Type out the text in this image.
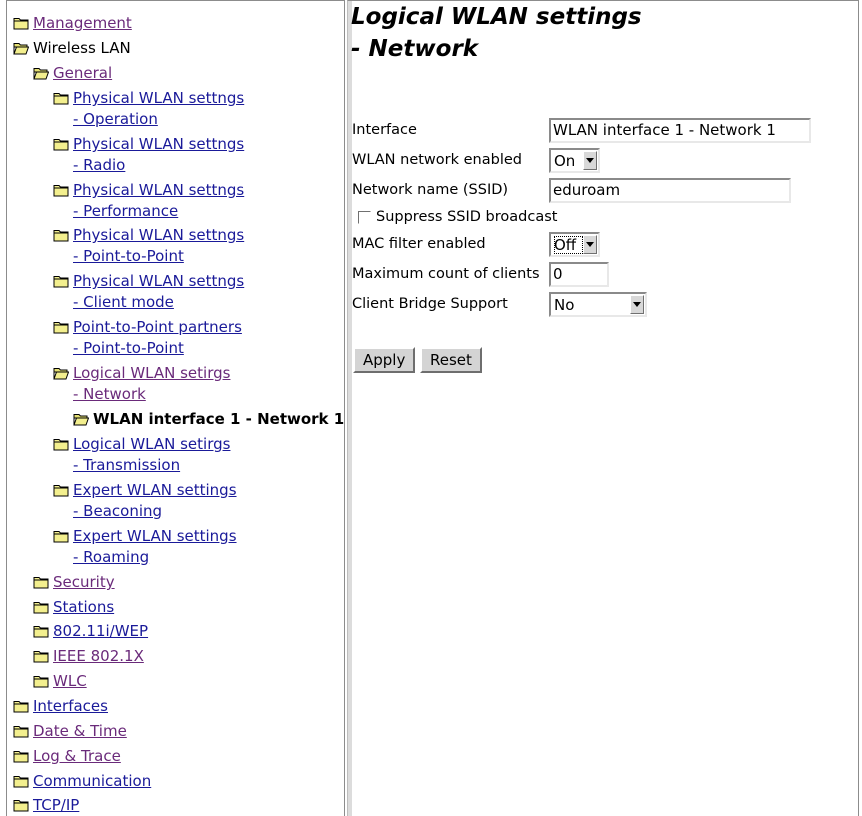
Management
Wireless LAN
General
Physical WLAN settngs
- Operation
Physical WLAN settngs
- Radio
Physical WLAN settngs
- Performance
Physical WLAN settngs
- Point-to-Point
Physical WLAN settngs
- Client mode
Point-to-Point partners
- Point-to-Point
Logical WLAN setirgs
- Network
WLAN interface 1 - Network 1
Logical WLAN setirgs
- Transmission
Expert WLAN settings
- Beaconing
Expert WLAN settings
- Roaming
Security
Stations
802.11i/WEP
IEEE 802.1X
WLC
Interfaces
Date & Time
Log & Trace
Communication
TCP/IP
Logical WLAN settings
- Network
Interface	WLAN interface 1 - Network 1
WLAN network enabled On
Network name (SSID)	eduroam
Suppress SSID broadcast
MAC filter enabled	Off
Maximum count of clients 0
Client Bridge Support	No
Apply	Reset
